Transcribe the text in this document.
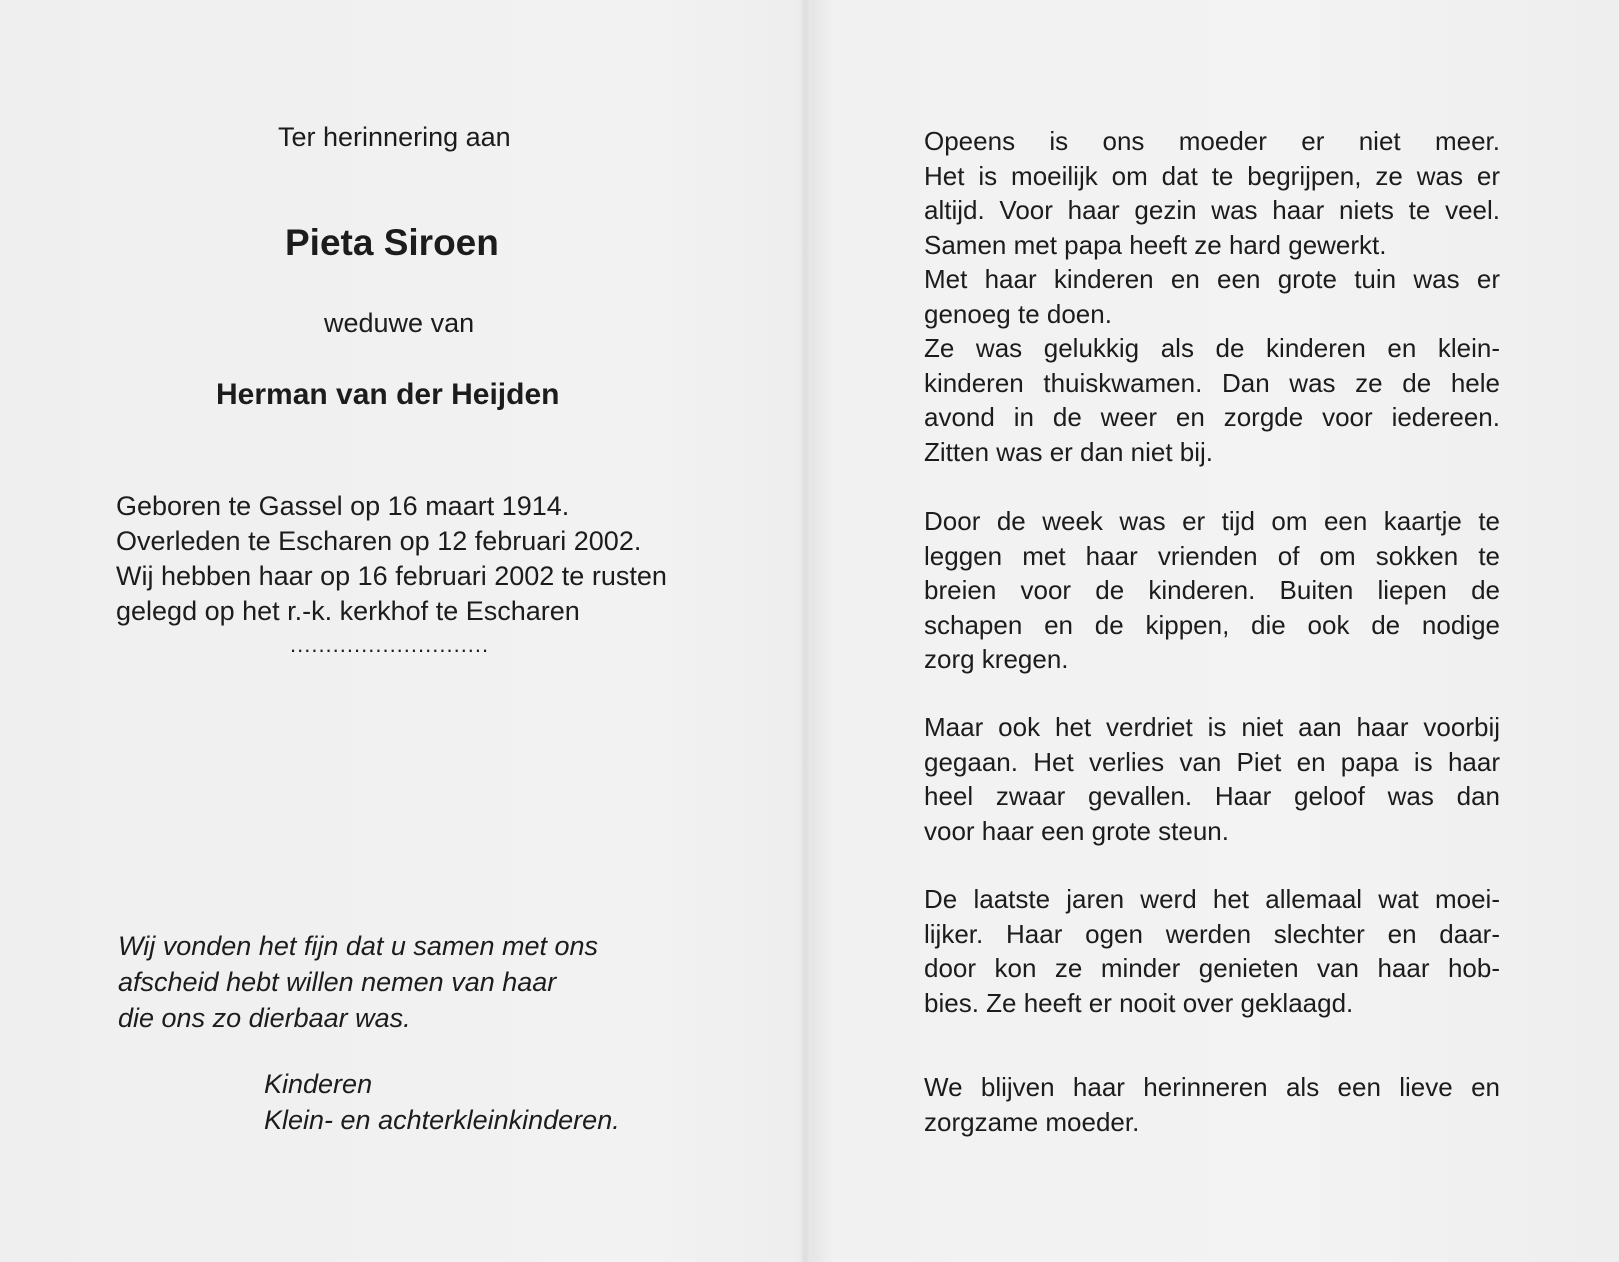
Ter herinnering aan
Pieta Siroen
weduwe van
Herman van der Heijden
Geboren te Gassel op 16 maart 1914.
Overleden te Escharen op 12 februari 2002.
Wij hebben haar op 16 februari 2002 te rusten
gelegd op het r.-k. kerkhof te Escharen
............................
Wij vonden het fijn dat u samen met ons
afscheid hebt willen nemen van haar
die ons zo dierbaar was.
Kinderen
Klein- en achterkleinkinderen.
Opeens is ons moeder er niet meer.
Het is moeilijk om dat te begrijpen, ze was er
altijd. Voor haar gezin was haar niets te veel.
Samen met papa heeft ze hard gewerkt.
Met haar kinderen en een grote tuin was er
genoeg te doen.
Ze was gelukkig als de kinderen en klein-
kinderen thuiskwamen. Dan was ze de hele
avond in de weer en zorgde voor iedereen.
Zitten was er dan niet bij.
Door de week was er tijd om een kaartje te
leggen met haar vrienden of om sokken te
breien voor de kinderen. Buiten liepen de
schapen en de kippen, die ook de nodige
zorg kregen.
Maar ook het verdriet is niet aan haar voorbij
gegaan. Het verlies van Piet en papa is haar
heel zwaar gevallen. Haar geloof was dan
voor haar een grote steun.
De laatste jaren werd het allemaal wat moei-
lijker. Haar ogen werden slechter en daar-
door kon ze minder genieten van haar hob-
bies. Ze heeft er nooit over geklaagd.
We blijven haar herinneren als een lieve en
zorgzame moeder.
